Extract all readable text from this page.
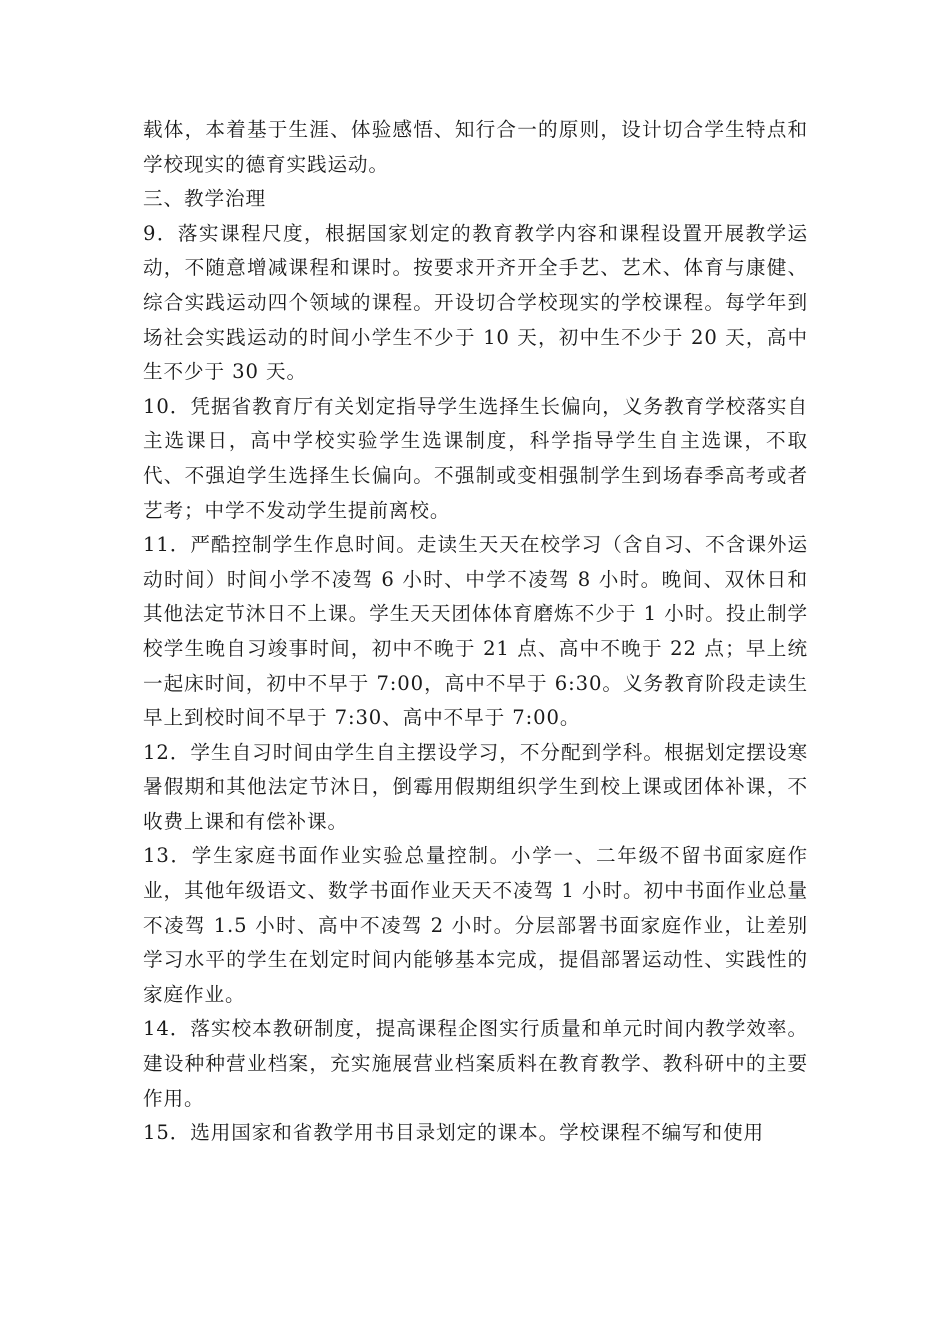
载体，本着基于生涯、体验感悟、知行合一的原则，设计切合学生特点和学校现实的德育实践运动。

三、教学治理

9．落实课程尺度，根据国家划定的教育教学内容和课程设置开展教学运动，不随意增减课程和课时。按要求开齐开全手艺、艺术、体育与康健、综合实践运动四个领域的课程。开设切合学校现实的学校课程。每学年到场社会实践运动的时间小学生不少于 10 天，初中生不少于 20 天，高中生不少于 30 天。

10．凭据省教育厅有关划定指导学生选择生长偏向，义务教育学校落实自主选课日，高中学校实验学生选课制度，科学指导学生自主选课，不取代、不强迫学生选择生长偏向。不强制或变相强制学生到场春季高考或者艺考；中学不发动学生提前离校。

11．严酷控制学生作息时间。走读生天天在校学习（含自习、不含课外运动时间）时间小学不凌驾 6 小时、中学不凌驾 8 小时。晚间、双休日和其他法定节沐日不上课。学生天天团体体育磨炼不少于 1 小时。投止制学校学生晚自习竣事时间，初中不晚于 21 点、高中不晚于 22 点；早上统一起床时间，初中不早于 7:00，高中不早于 6:30。义务教育阶段走读生早上到校时间不早于 7:30、高中不早于 7:00。

12．学生自习时间由学生自主摆设学习，不分配到学科。根据划定摆设寒暑假期和其他法定节沐日，倒霉用假期组织学生到校上课或团体补课，不收费上课和有偿补课。

13．学生家庭书面作业实验总量控制。小学一、二年级不留书面家庭作业，其他年级语文、数学书面作业天天不凌驾 1 小时。初中书面作业总量不凌驾 1.5 小时、高中不凌驾 2 小时。分层部署书面家庭作业，让差别学习水平的学生在划定时间内能够基本完成，提倡部署运动性、实践性的家庭作业。

14．落实校本教研制度，提高课程企图实行质量和单元时间内教学效率。建设种种营业档案，充实施展营业档案质料在教育教学、教科研中的主要作用。

15．选用国家和省教学用书目录划定的课本。学校课程不编写和使用
